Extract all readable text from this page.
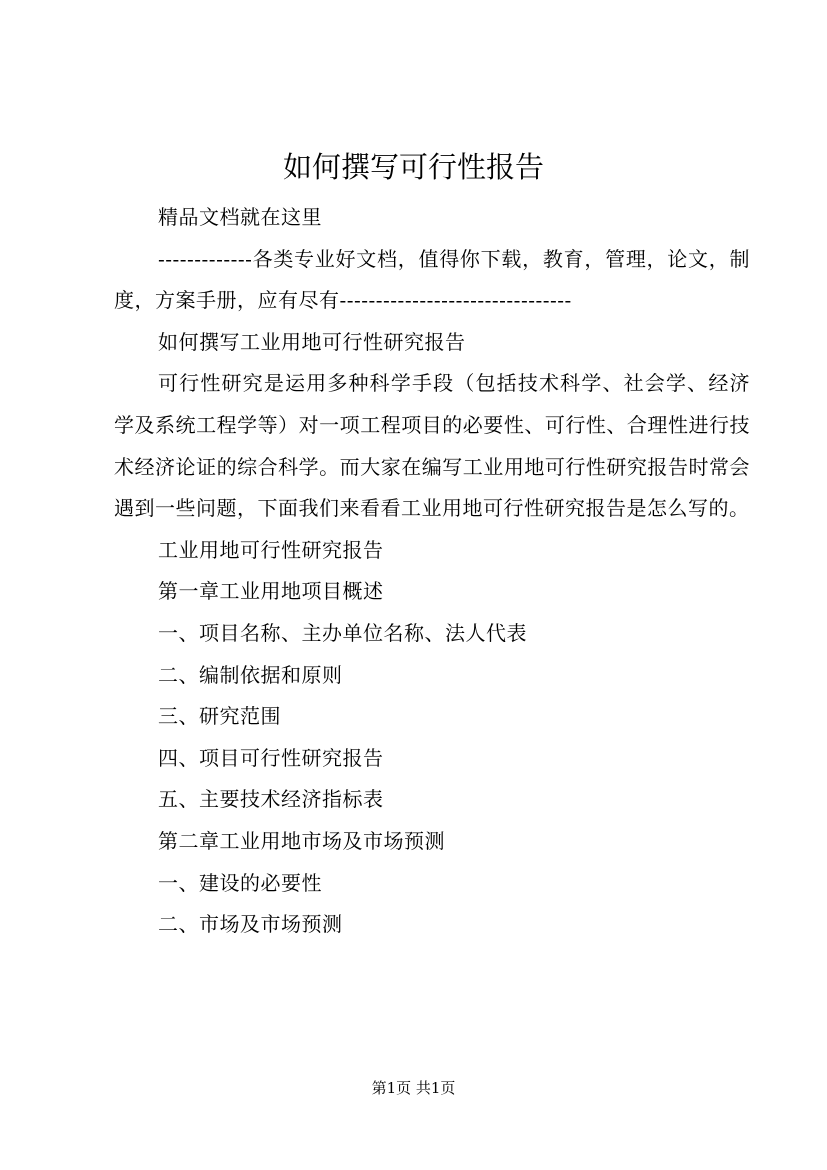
如何撰写可行性报告

精品文档就在这里

-------------各类专业好文档，值得你下载，教育，管理，论文，制度，方案手册，应有尽有--------------------------------

如何撰写工业用地可行性研究报告

可行性研究是运用多种科学手段（包括技术科学、社会学、经济学及系统工程学等）对一项工程项目的必要性、可行性、合理性进行技术经济论证的综合科学。而大家在编写工业用地可行性研究报告时常会遇到一些问题，下面我们来看看工业用地可行性研究报告是怎么写的。

工业用地可行性研究报告

第一章工业用地项目概述

一、项目名称、主办单位名称、法人代表

二、编制依据和原则

三、研究范围

四、项目可行性研究报告

五、主要技术经济指标表

第二章工业用地市场及市场预测

一、建设的必要性

二、市场及市场预测

第1页 共1页
